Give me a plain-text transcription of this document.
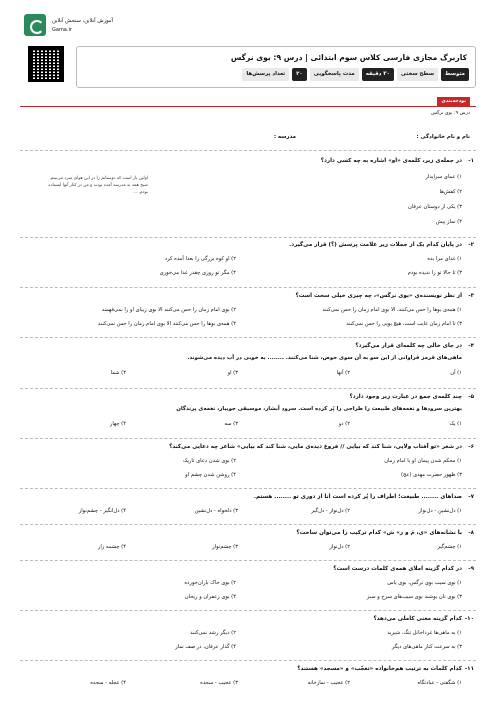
آموزش آنلاین، سنجش آنلاین
Gama.ir
کاربرگ مجازی فارسی کلاس سوم ابتدائی | درس ۹: بوی نرگس
تعداد پرسش‌ها	۲۰	مدت پاسخگویی	۳۰ دقیقه	سطح سختی	متوسط
بودجه‌بندی
درس ۹: بوی نرگس
نام و نام خانوادگی :
مدرسه :
اولین بار است که دوستانم را در این هوای سرد می‌بینم. صبح همه به مدرسه آمده بودند و من در کنار آنها ایستاده بودم. ...
۱-
در جمله‌ی زیر، کلمه‌ی «او» اشاره به چه کسی دارد؟
۱) عمای سرایدار
۲) کفش‌ها
۳) یکی از دوستان عرفان
۴) نماز پیش
۲-
در پایان کدام یک از جملات زیر علامت پرسش (؟) قرار می‌گیرد.
۱) غذای مرا بده
۲) او کوه بزرگی را بعدا آمده کرد
۳) تا حالا تو را ندیده بودم
۴) مگر تو روزی چقدر غذا می‌خوری
۳-
از نظر نویسنده‌ی «بوی نرگس»، چه چیزی خیلی سخت است؟
۱) همه‌ی بوها را حس می‌کنند، الا بوی امام زمان را حس نمی‌کنند
۲) بوی امام زمان را حس می‌کنند الا بوی زیبای او را نمی‌فهمند
۳) تا امام زمان غایب است، هیچ بویی را حس نمی‌کنند
۴) همه‌ی بوها را حس می‌کنند الا بوی امام زمان را حس نمی‌کنند
۴-
در جای خالی چه کلمه‌ای قرار می‌گیرد؟
ماهی‌های قرمز فراوانی از این سو به آن سوی حوض، شنا می‌کنند. ........ به خوبی در آب دیده می‌شوند.
۱) آن
۲) آنها
۳) او
۴) شما
۵-
چند کلمه‌ی جمع در عبارت زیر وجود دارد؟
بهترین سرودها و نغمه‌های طبیعت را طراحی را پُر کرده است. سرود آبشار، موسیقی جویبار، نغمه‌ی پرندگان
۱) یک
۲) دو
۳) سه
۴) چهار
۶-
در شعر «تو آفتاب ولایی، شنا کند که بیایی // فروغ دیده‌ی مایی، شنا کند که بیایی» شاعر چه دعایی می‌کند؟
۱) محکم شدن پیمان او با امام زمان
۲) بوی شدن دعای تاریک
۳) ظهور حضرت مهدی (عج)
۴) روشن شدن چشم او
۷-
صداهای ........ طبیعت؛ اطراف را پُر کرده است انا از دوری تو ........ هستم.
۱) دل‌نشین - دل‌نواز
۲) دل‌نواز - دل‌گیر
۳) دلخواه - دل‌نشین
۴) دل‌انگیز - چشم‌نواز
۸-
با نشانه‌های «ی، مَ و ز» ش» کدام ترکیب را می‌توان ساخت؟
۱) چشم‌گیر
۲) دل‌نواز
۳) چشم‌نواز
۴) چشمه زار
۹-
در کدام گزینه املای همه‌ی کلمات درست است؟
۱) بوی سیب بوی نرگس، بوی یاس
۲) بوی خاک باران‌خورده
۳) بوی نان یوشند بوی سیب‌های سرخ و سبز
۴) بوی زعفران و ریحان
۱۰-
کدام گزینه معنی کاملی می‌دهد؟
۱) به ماهی‌ها غرداخانل تنگ، شیرید
۲) دیگر رشد نمی‌کنند
۳) به سرعت کنار ماهی‌های دیگر
۴) گذار عرفان، در صف نماز
۱۱-
کدام کلمات به ترتیب هم‌خانواده «تعجّب» و «مسجد» هستند؟
۱) شگفتی - عبادتگاه
۲) عجیب - نمازخانه
۳) عجیب - سجده
۴) عجله - سجده
